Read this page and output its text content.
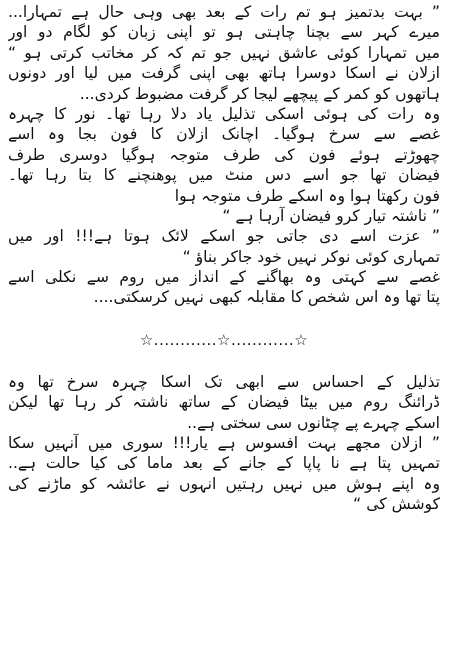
” بہت بدتمیز ہو تم رات کے بعد بھی وہی حال ہے تمہارا...
میرے کہر سے بچنا چاہتی ہو تو اپنی زبان کو لگام دو اور
میں تمہارا کوئی عاشق نہیں جو تم کہ کر مخاتب کرتی ہو “
ازلان نے اسکا دوسرا ہاتھ بھی اپنی گرفت میں لیا اور دونوں
ہاتھوں کو کمر کے پیچھے لیجا کر گرفت مضبوط کردی...
وہ رات کی ہوئی اسکی تذلیل یاد دلا رہا تھا۔ نور کا چہرہ
غصے سے سرخ ہوگیا۔ اچانک ازلان کا فون بجا وہ اسے
چھوڑتے ہوئے فون کی طرف متوجہ ہوگیا دوسری طرف
فیضان تھا جو اسے دس منٹ میں پوھنچنے کا بتا رہا تھا۔
فون رکھتا ہوا وہ اسکے طرف متوجہ ہوا
” ناشتہ تیار کرو فیضان آرہا ہے “
” عزت اسے دی جاتی جو اسکے لائک ہوتا ہے!!! اور میں
تمہاری کوئی نوکر نہیں خود جاکر بناؤ “
غصے سے کہتی وہ بھاگنے کے انداز میں روم سے نکلی اسے
پتا تھا وہ اس شخص کا مقابلہ کبھی نہیں کرسکتی....
☆............☆............☆
تذلیل کے احساس سے ابھی تک اسکا چہرہ سرخ تھا وہ
ڈرائنگ روم میں بیٹا فیضان کے ساتھ ناشتہ کر رہا تھا لیکن
اسکے چہرے پے چٹانوں سی سختی ہے..
” ازلان مجھے بہت افسوس ہے یار!!! سوری میں آنہیں سکا
تمہیں پتا ہے نا پاپا کے جانے کے بعد ماما کی کیا حالت ہے..
وہ اپنے ہوش میں نہیں رہتیں انہوں نے عائشہ کو ماڑنے کی
کوشش کی “
